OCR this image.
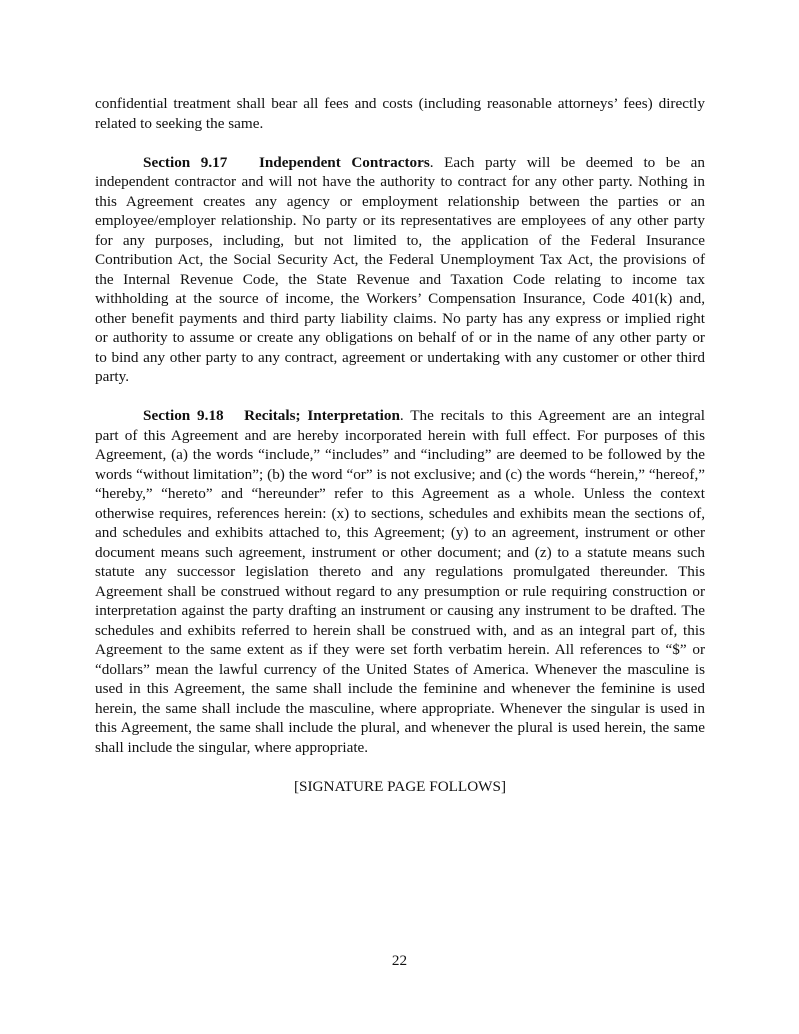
confidential treatment shall bear all fees and costs (including reasonable attorneys’ fees) directly
related to seeking the same.
Section 9.17 Independent Contractors. Each party will be deemed to be an
independent contractor and will not have the authority to contract for any other party. Nothing in
this Agreement creates any agency or employment relationship between the parties or an
employee/employer relationship. No party or its representatives are employees of any other party
for any purposes, including, but not limited to, the application of the Federal Insurance
Contribution Act, the Social Security Act, the Federal Unemployment Tax Act, the provisions of
the Internal Revenue Code, the State Revenue and Taxation Code relating to income tax
withholding at the source of income, the Workers’ Compensation Insurance, Code 401(k) and,
other benefit payments and third party liability claims. No party has any express or implied right
or authority to assume or create any obligations on behalf of or in the name of any other party or
to bind any other party to any contract, agreement or undertaking with any customer or other third
party.
Section 9.18 Recitals; Interpretation. The recitals to this Agreement are an integral
part of this Agreement and are hereby incorporated herein with full effect. For purposes of this
Agreement, (a) the words “include,” “includes” and “including” are deemed to be followed by the
words “without limitation”; (b) the word “or” is not exclusive; and (c) the words “herein,” “hereof,”
“hereby,” “hereto” and “hereunder” refer to this Agreement as a whole. Unless the context
otherwise requires, references herein: (x) to sections, schedules and exhibits mean the sections of,
and schedules and exhibits attached to, this Agreement; (y) to an agreement, instrument or other
document means such agreement, instrument or other document; and (z) to a statute means such
statute any successor legislation thereto and any regulations promulgated thereunder. This
Agreement shall be construed without regard to any presumption or rule requiring construction or
interpretation against the party drafting an instrument or causing any instrument to be drafted. The
schedules and exhibits referred to herein shall be construed with, and as an integral part of, this
Agreement to the same extent as if they were set forth verbatim herein. All references to “$” or
“dollars” mean the lawful currency of the United States of America. Whenever the masculine is
used in this Agreement, the same shall include the feminine and whenever the feminine is used
herein, the same shall include the masculine, where appropriate. Whenever the singular is used in
this Agreement, the same shall include the plural, and whenever the plural is used herein, the same
shall include the singular, where appropriate.
[SIGNATURE PAGE FOLLOWS]
22
